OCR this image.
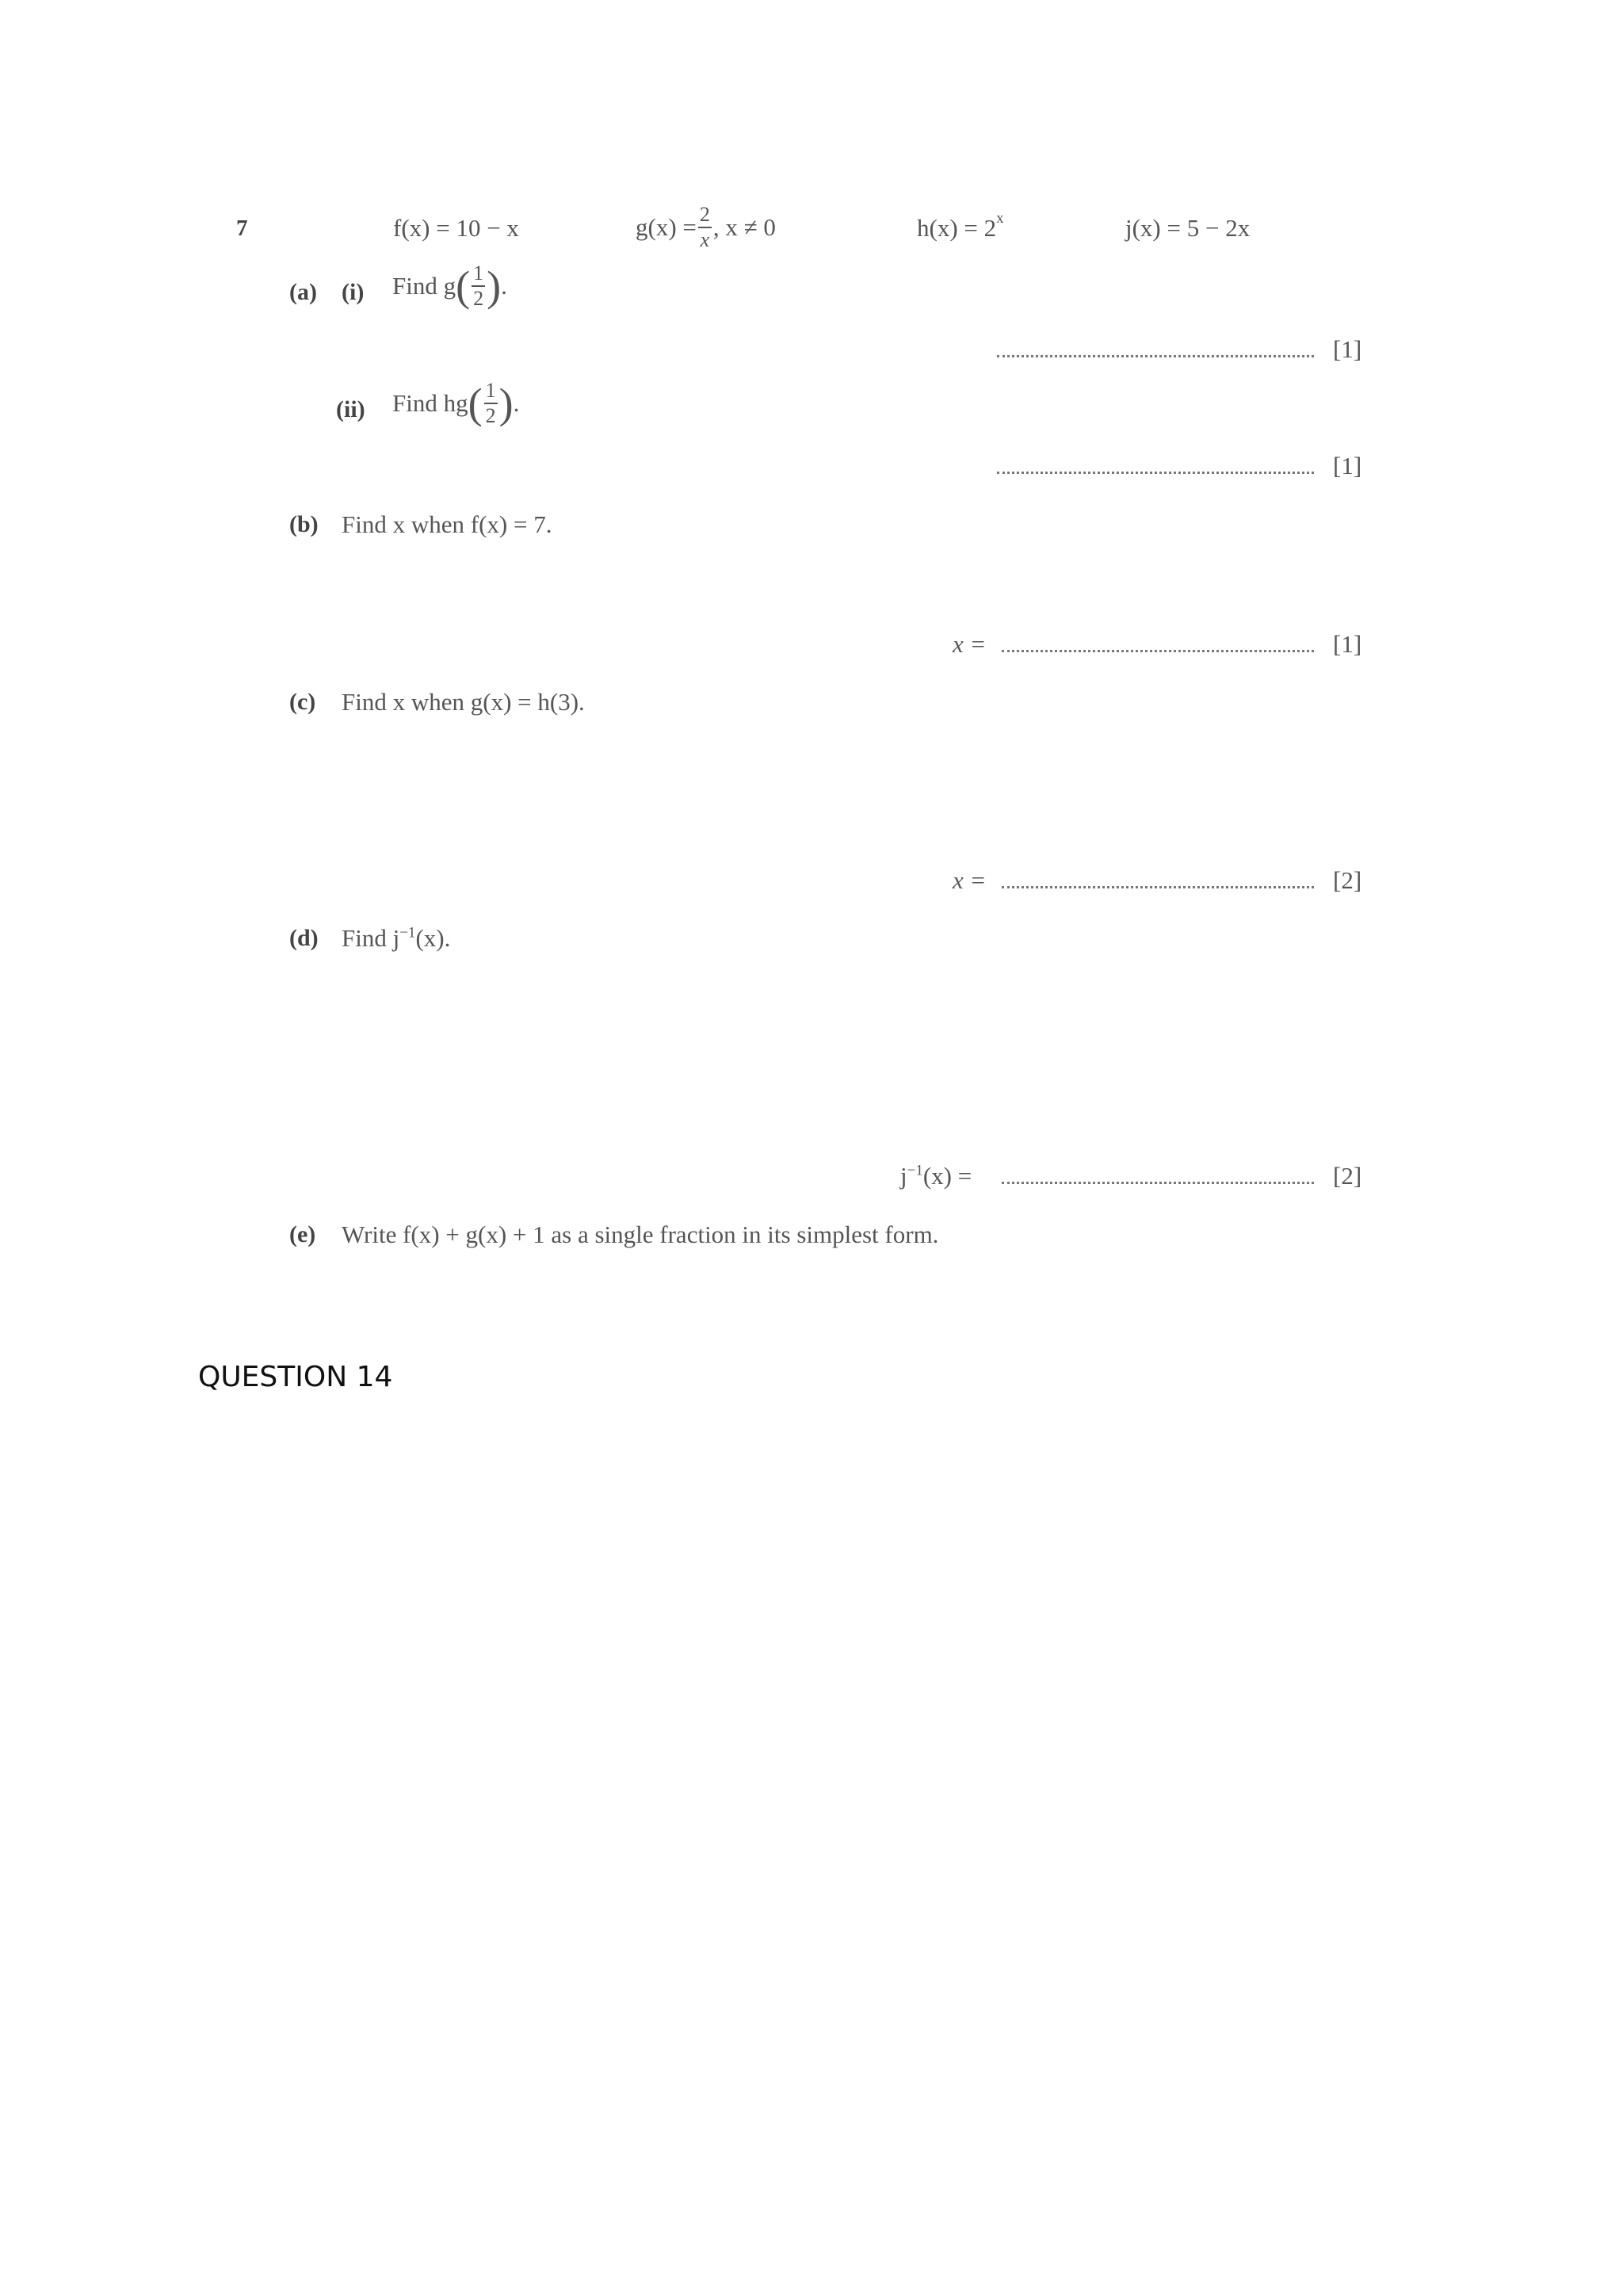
7	f(x) = 10 − x	$g(x) = \frac{2}{x}$ , x ≠ 0	$h(x) = 2^x$	j(x) = 5 − 2x
(a) (i) Find g ( $\frac{1}{2}$ ) .
[1]
(ii) Find hg ( $\frac{1}{2}$ ) .
[1]
(b) Find x when f(x) = 7.
x =	[1]
(c) Find x when g(x) = h(3).
x =	[2]
(d) Find $j^{-1}(x)$.
$j^{-1}(x)$ =	[2]
(e) Write f(x) + g(x) + 1 as a single fraction in its simplest form.
QUESTION 14
